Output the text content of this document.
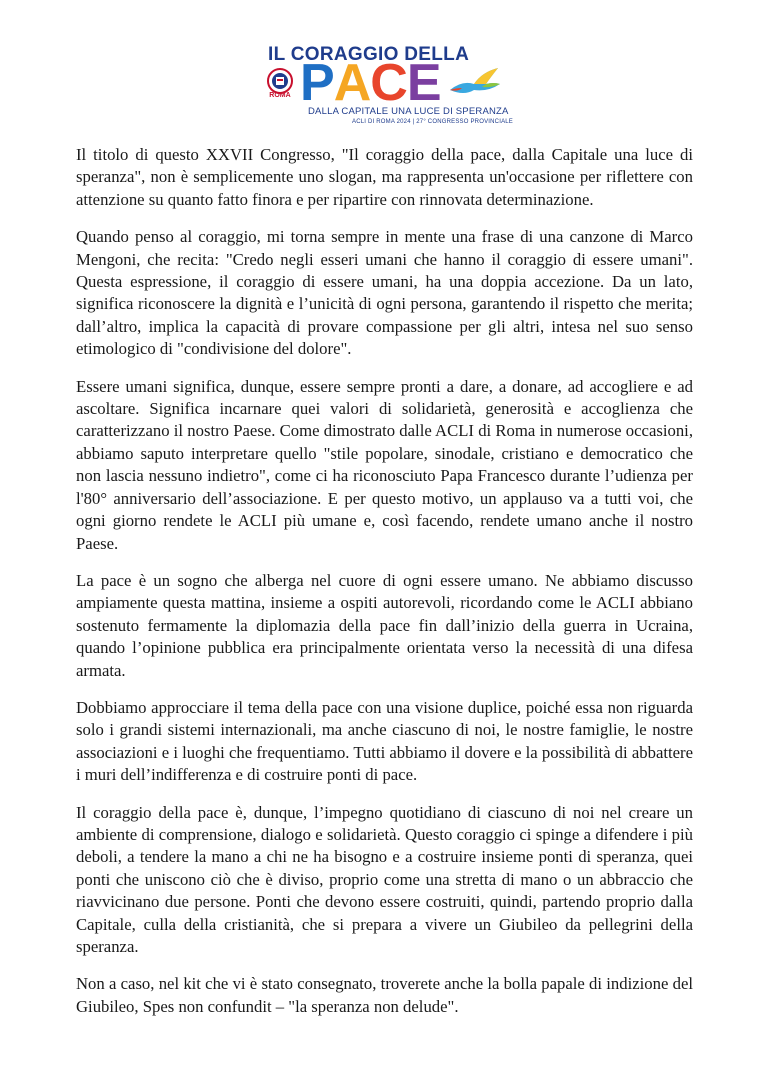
IL CORAGGIO DELLA
ROMA PACE
DALLA CAPITALE UNA LUCE DI SPERANZA
ACLI DI ROMA 2024 | 27° CONGRESSO PROVINCIALE

Il titolo di questo XXVII Congresso, "Il coraggio della pace, dalla Capitale una luce di speranza", non è semplicemente uno slogan, ma rappresenta un'occasione per riflettere con attenzione su quanto fatto finora e per ripartire con rinnovata determinazione.

Quando penso al coraggio, mi torna sempre in mente una frase di una canzone di Marco Mengoni, che recita: "Credo negli esseri umani che hanno il coraggio di essere umani". Questa espressione, il coraggio di essere umani, ha una doppia accezione. Da un lato, significa riconoscere la dignità e l’unicità di ogni persona, garantendo il rispetto che merita; dall’altro, implica la capacità di provare compassione per gli altri, intesa nel suo senso etimologico di "condivisione del dolore".

Essere umani significa, dunque, essere sempre pronti a dare, a donare, ad accogliere e ad ascoltare. Significa incarnare quei valori di solidarietà, generosità e accoglienza che caratterizzano il nostro Paese. Come dimostrato dalle ACLI di Roma in numerose occasioni, abbiamo saputo interpretare quello "stile popolare, sinodale, cristiano e democratico che non lascia nessuno indietro", come ci ha riconosciuto Papa Francesco durante l’udienza per l'80° anniversario dell’associazione. E per questo motivo, un applauso va a tutti voi, che ogni giorno rendete le ACLI più umane e, così facendo, rendete umano anche il nostro Paese.

La pace è un sogno che alberga nel cuore di ogni essere umano. Ne abbiamo discusso ampiamente questa mattina, insieme a ospiti autorevoli, ricordando come le ACLI abbiano sostenuto fermamente la diplomazia della pace fin dall’inizio della guerra in Ucraina, quando l’opinione pubblica era principalmente orientata verso la necessità di una difesa armata.

Dobbiamo approcciare il tema della pace con una visione duplice, poiché essa non riguarda solo i grandi sistemi internazionali, ma anche ciascuno di noi, le nostre famiglie, le nostre associazioni e i luoghi che frequentiamo. Tutti abbiamo il dovere e la possibilità di abbattere i muri dell’indifferenza e di costruire ponti di pace.

Il coraggio della pace è, dunque, l’impegno quotidiano di ciascuno di noi nel creare un ambiente di comprensione, dialogo e solidarietà. Questo coraggio ci spinge a difendere i più deboli, a tendere la mano a chi ne ha bisogno e a costruire insieme ponti di speranza, quei ponti che uniscono ciò che è diviso, proprio come una stretta di mano o un abbraccio che riavvicinano due persone. Ponti che devono essere costruiti, quindi, partendo proprio dalla Capitale, culla della cristianità, che si prepara a vivere un Giubileo da pellegrini della speranza.

Non a caso, nel kit che vi è stato consegnato, troverete anche la bolla papale di indizione del Giubileo, Spes non confundit – "la speranza non delude".
